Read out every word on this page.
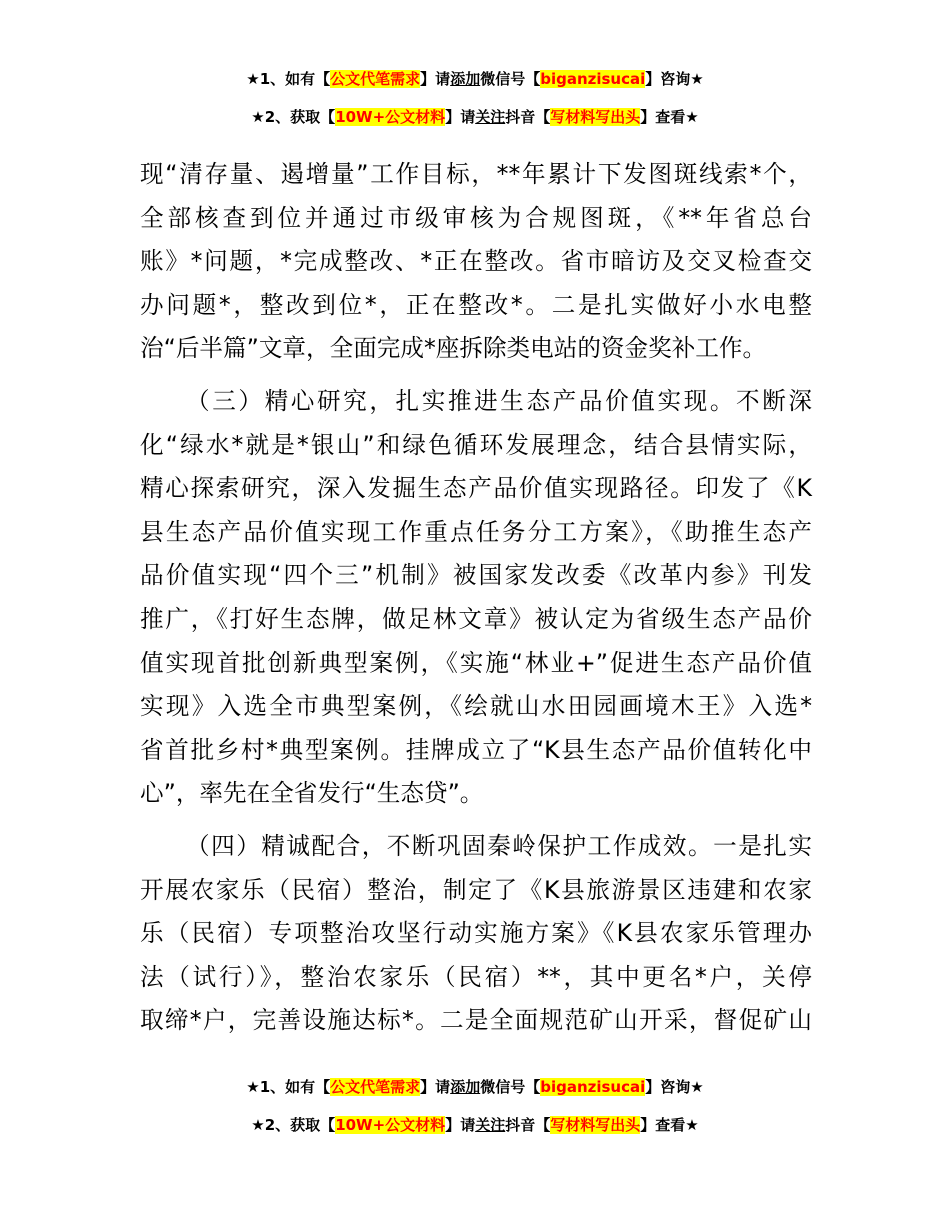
★1、如有【公文代笔需求】请添加微信号【biganzisucai】咨询★
★2、获取【10W+公文材料】请关注抖音【写材料写出头】查看★
现“清存量、遏增量”工作目标，**年累计下发图斑线索*个，
全部核查到位并通过市级审核为合规图斑，《**年省总台
账》*问题，*完成整改、*正在整改。省市暗访及交叉检查交
办问题*，整改到位*，正在整改*。二是扎实做好小水电整
治“后半篇”文章，全面完成*座拆除类电站的资金奖补工作。
（三）精心研究，扎实推进生态产品价值实现。不断深
化“绿水*就是*银山”和绿色循环发展理念，结合县情实际，
精心探索研究，深入发掘生态产品价值实现路径。印发了《K
县生态产品价值实现工作重点任务分工方案》，《助推生态产
品价值实现“四个三”机制》被国家发改委《改革内参》刊发
推广，《打好生态牌，做足林文章》被认定为省级生态产品价
值实现首批创新典型案例，《实施“林业+”促进生态产品价值
实现》入选全市典型案例，《绘就山水田园画境木王》入选*
省首批乡村*典型案例。挂牌成立了“K县生态产品价值转化中
心”，率先在全省发行“生态贷”。
（四）精诚配合，不断巩固秦岭保护工作成效。一是扎实
开展农家乐（民宿）整治，制定了《K县旅游景区违建和农家
乐（民宿）专项整治攻坚行动实施方案》《K县农家乐管理办
法（试行）》，整治农家乐（民宿）**，其中更名*户，关停
取缔*户，完善设施达标*。二是全面规范矿山开采，督促矿山
★1、如有【公文代笔需求】请添加微信号【biganzisucai】咨询★
★2、获取【10W+公文材料】请关注抖音【写材料写出头】查看★
